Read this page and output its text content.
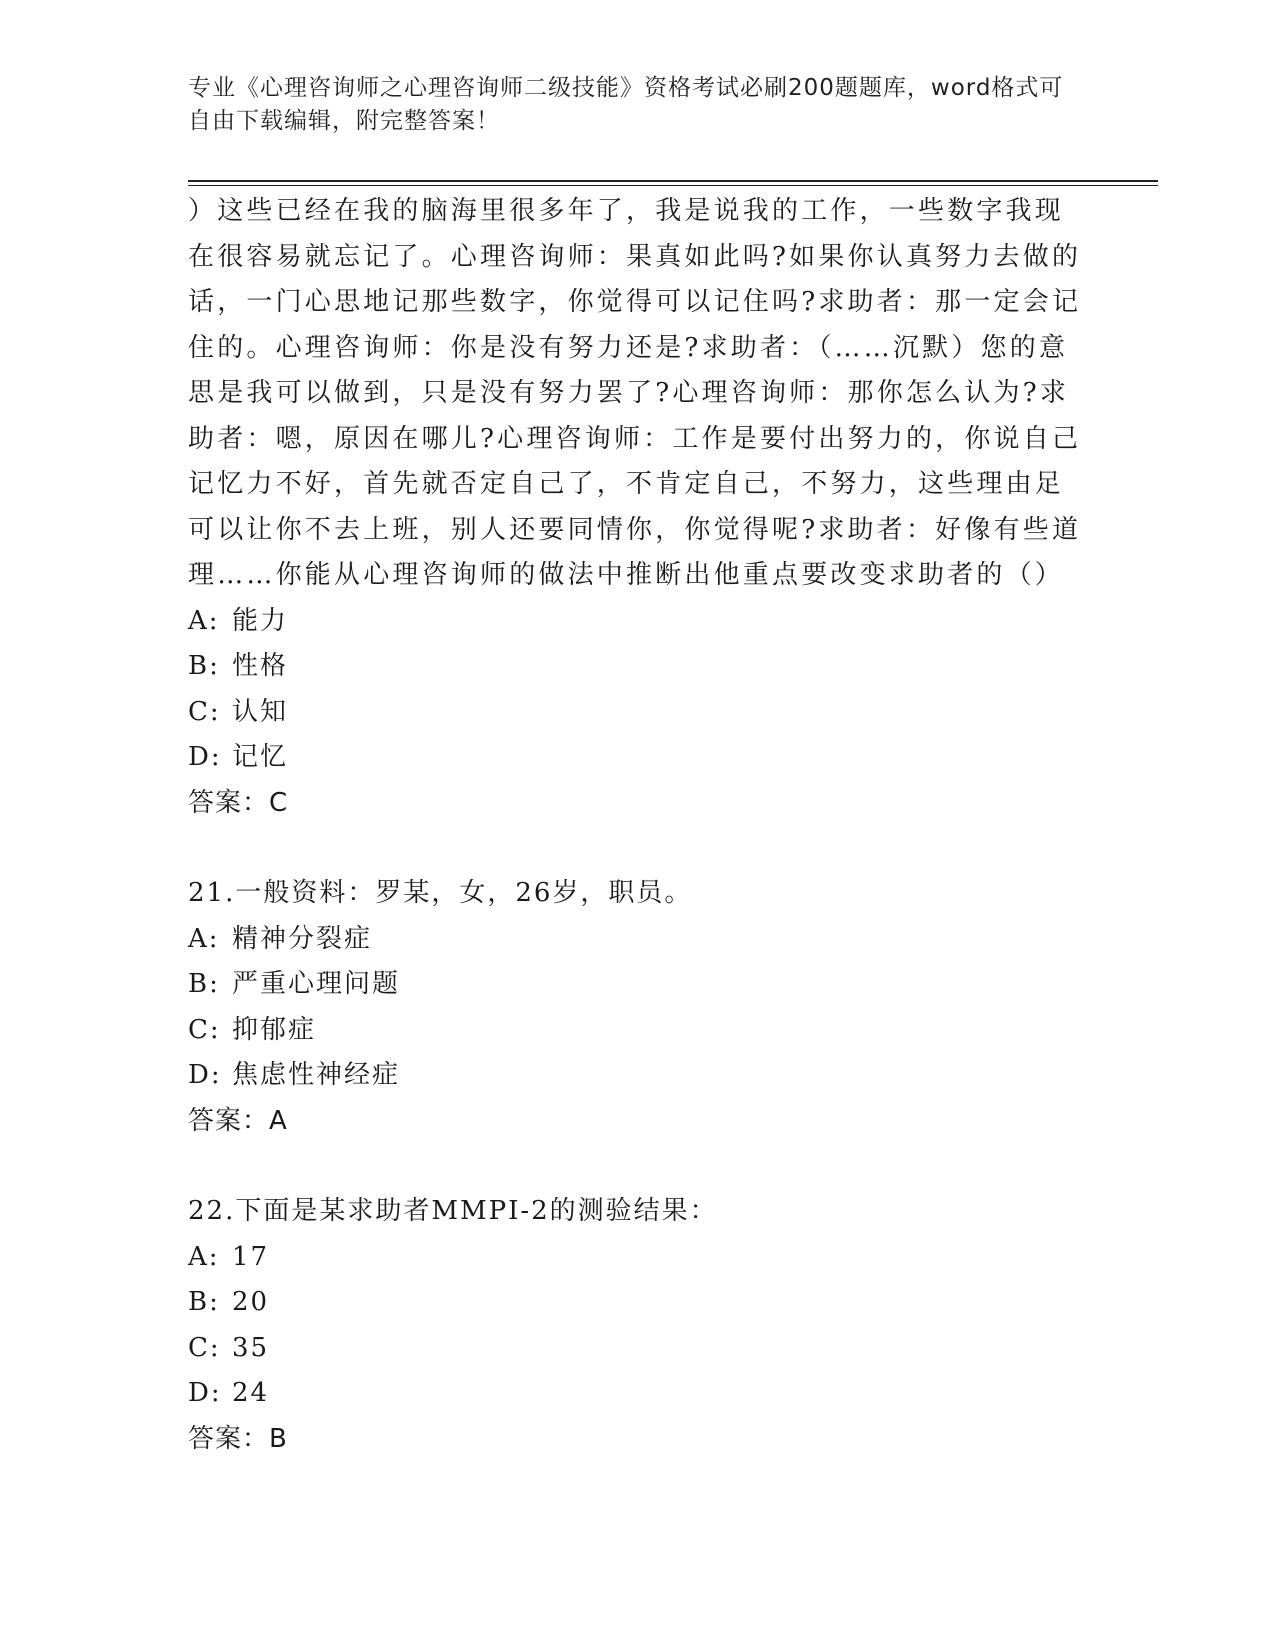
专业《心理咨询师之心理咨询师二级技能》资格考试必刷200题题库，word格式可自由下载编辑，附完整答案！

）这些已经在我的脑海里很多年了，我是说我的工作，一些数字我现

在很容易就忘记了。心理咨询师：果真如此吗?如果你认真努力去做的

话，一门心思地记那些数字，你觉得可以记住吗?求助者：那一定会记

住的。心理咨询师：你是没有努力还是?求助者：（……沉默）您的意

思是我可以做到，只是没有努力罢了?心理咨询师：那你怎么认为?求

助者：嗯，原因在哪儿?心理咨询师：工作是要付出努力的，你说自己

记忆力不好，首先就否定自己了，不肯定自己，不努力，这些理由足

可以让你不去上班，别人还要同情你，你觉得呢?求助者：好像有些道

理……你能从心理咨询师的做法中推断出他重点要改变求助者的（）

A: 能力

B: 性格

C: 认知

D: 记忆

答案：C

21.一般资料：罗某，女，26岁，职员。

A: 精神分裂症

B: 严重心理问题

C: 抑郁症

D: 焦虑性神经症

答案：A

22.下面是某求助者MMPI-2的测验结果：

A: 17

B: 20

C: 35

D: 24

答案：B
